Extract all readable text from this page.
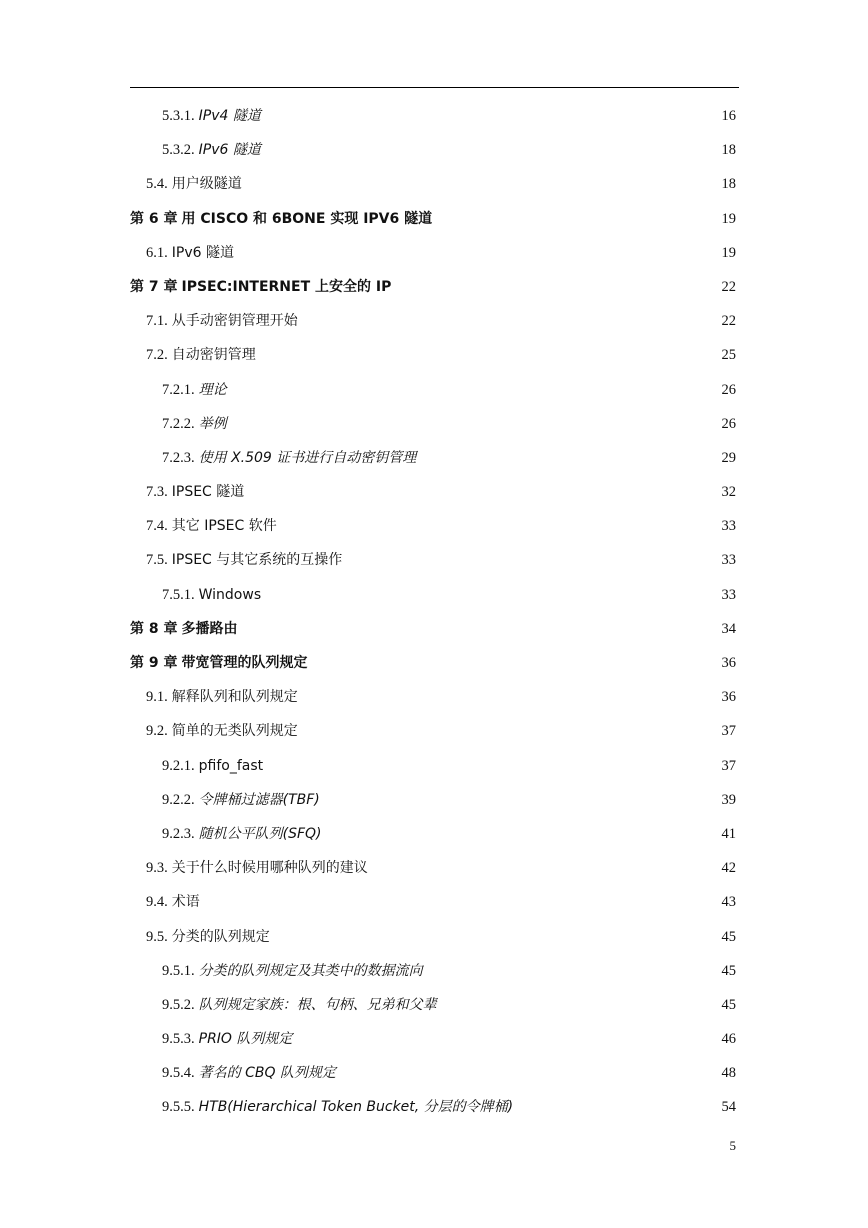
5.3.1. IPv4 隧道	16
5.3.2. IPv6 隧道	18
5.4. 用户级隧道	18
第 6 章 用 CISCO 和 6BONE 实现 IPV6 隧道	19
6.1. IPv6 隧道	19
第 7 章 IPSEC:INTERNET 上安全的 IP	22
7.1. 从手动密钥管理开始	22
7.2. 自动密钥管理	25
7.2.1. 理论	26
7.2.2. 举例	26
7.2.3. 使用 X.509 证书进行自动密钥管理	29
7.3. IPSEC 隧道	32
7.4. 其它 IPSEC 软件	33
7.5. IPSEC 与其它系统的互操作	33
7.5.1. Windows	33
第 8 章 多播路由	34
第 9 章 带宽管理的队列规定	36
9.1. 解释队列和队列规定	36
9.2. 简单的无类队列规定	37
9.2.1. pfifo_fast	37
9.2.2. 令牌桶过滤器(TBF)	39
9.2.3. 随机公平队列(SFQ)	41
9.3. 关于什么时候用哪种队列的建议	42
9.4. 术语	43
9.5. 分类的队列规定	45
9.5.1. 分类的队列规定及其类中的数据流向	45
9.5.2. 队列规定家族：根、句柄、兄弟和父辈	45
9.5.3. PRIO 队列规定	46
9.5.4. 著名的 CBQ 队列规定	48
9.5.5. HTB(Hierarchical Token Bucket, 分层的令牌桶)	54
5
